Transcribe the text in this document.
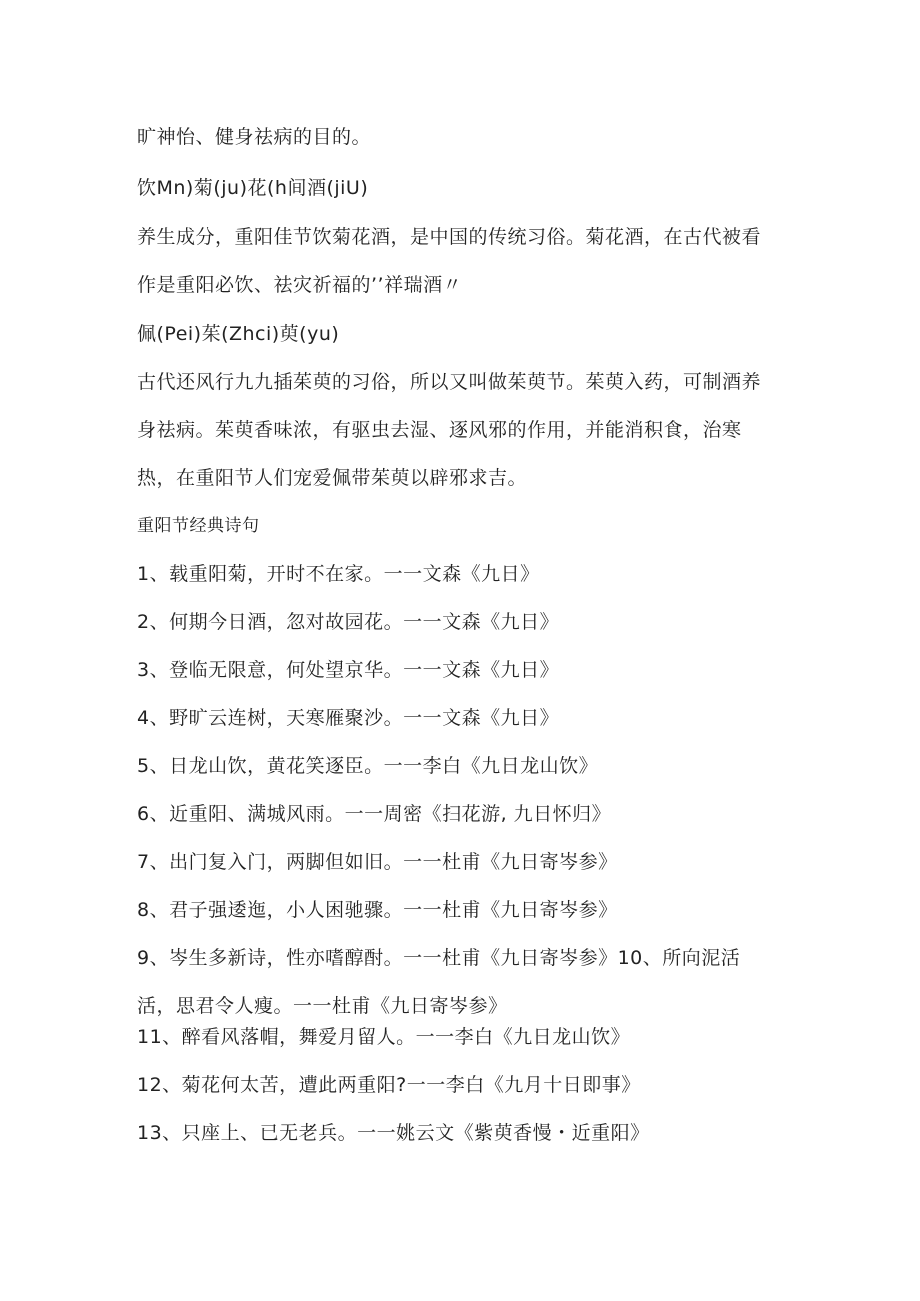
旷神怡、健身祛病的目的。
饮Mn)菊(ju)花(h间酒(jiU)
养生成分，重阳佳节饮菊花酒，是中国的传统习俗。菊花酒，在古代被看
作是重阳必饮、祛灾祈福的’’祥瑞酒〃
佩(Pei)茱(Zhci)萸(yu)
古代还风行九九插茱萸的习俗，所以又叫做茱萸节。茱萸入药，可制酒养
身祛病。茱萸香味浓，有驱虫去湿、逐风邪的作用，并能消积食，治寒
热，在重阳节人们宠爱佩带茱萸以辟邪求吉。
重阳节经典诗句
1、载重阳菊，开时不在家。一一文森《九日》
2、何期今日酒，忽对故园花。一一文森《九日》
3、登临无限意，何处望京华。一一文森《九日》
4、野旷云连树，天寒雁聚沙。一一文森《九日》
5、日龙山饮，黄花笑逐臣。一一李白《九日龙山饮》
6、近重阳、满城风雨。一一周密《扫花游, 九日怀归》
7、出门复入门，两脚但如旧。一一杜甫《九日寄岑参》
8、君子强逶迤，小人困驰骤。一一杜甫《九日寄岑参》
9、岑生多新诗，性亦嗜醇酎。一一杜甫《九日寄岑参》10、所向泥活
活，思君令人瘦。一一杜甫《九日寄岑参》
11、醉看风落帽，舞爱月留人。一一李白《九日龙山饮》
12、菊花何太苦，遭此两重阳?一一李白《九月十日即事》
13、只座上、已无老兵。一一姚云文《紫萸香慢・近重阳》
